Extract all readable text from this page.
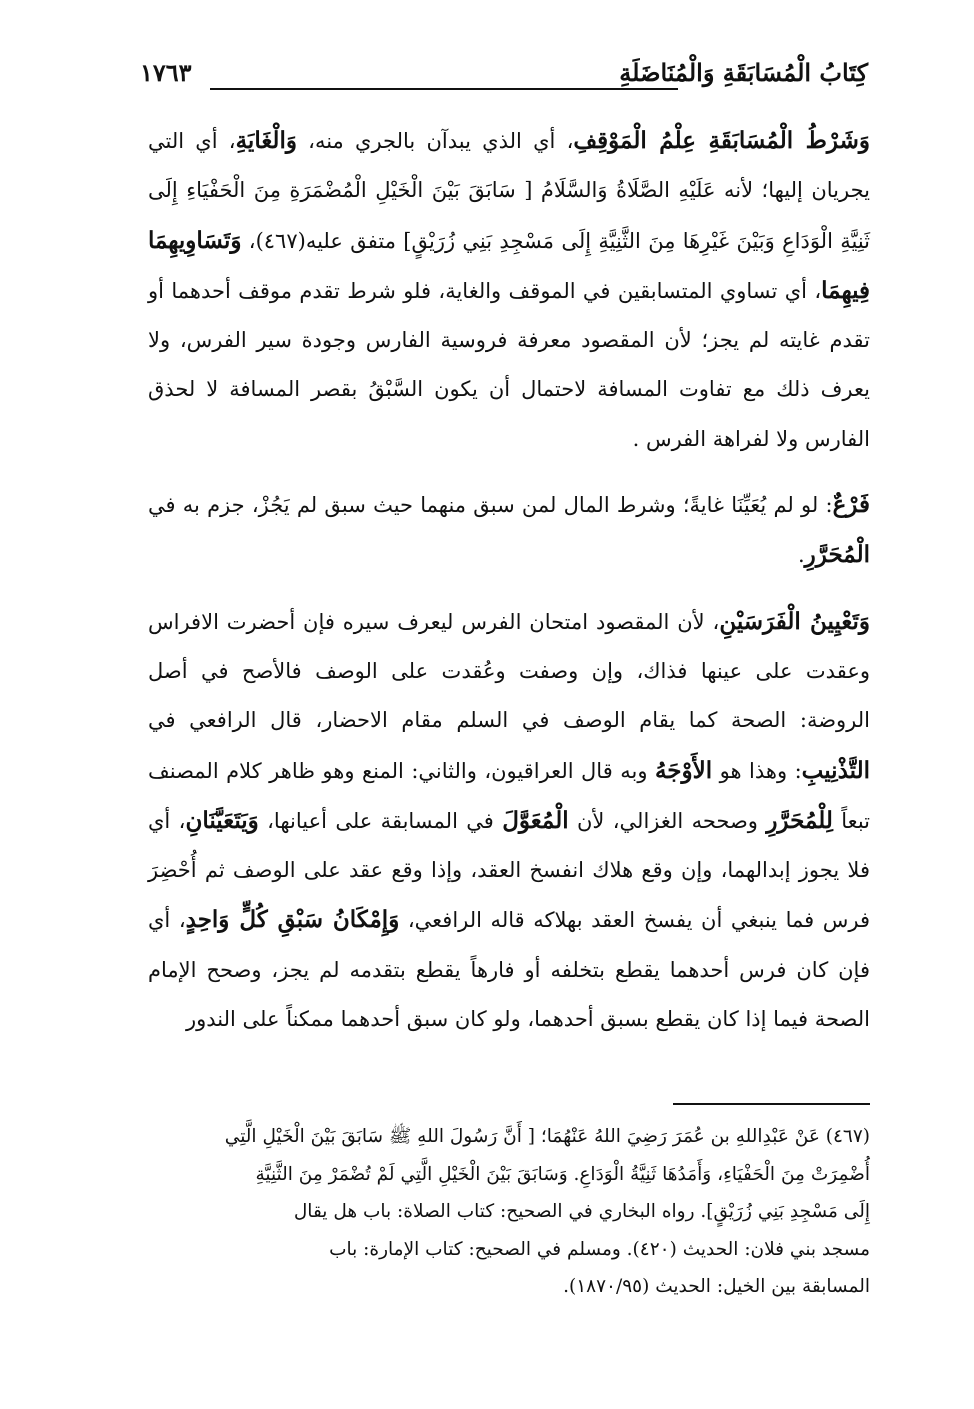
كِتَابُ الْمُسَابَقَةِ وَالْمُنَاضَلَةِ
١٧٦٣

وَشَرْطُ الْمُسَابَقَةِ عِلْمُ الْمَوْقِفِ، أي الذي يبدآن بالجري منه، وَالْغَايَةِ، أي التي يجريان إليها؛ لأنه عَلَيْهِ الصَّلَاةُ وَالسَّلَامُ [ سَابَقَ بَيْنَ الْخَيْلِ الْمُضْمَرَةِ مِنَ الْحَفْيَاءِ إِلَى ثَنِيَّةِ الْوَدَاعِ وَبَيْنَ غَيْرِهَا مِنَ الثَّنِيَّةِ إِلَى مَسْجِدِ بَنِي زُرَيْقٍ] متفق عليه(٤٦٧)، وَتَسَاوِيهِمَا فِيهِمَا، أي تساوي المتسابقين في الموقف والغاية، فلو شرط تقدم موقف أحدهما أو تقدم غايته لم يجز؛ لأن المقصود معرفة فروسية الفارس وجودة سير الفرس، ولا يعرف ذلك مع تفاوت المسافة لاحتمال أن يكون السَّبْقُ بقصر المسافة لا لحذق الفارس ولا لفراهة الفرس .

فَرْعٌ: لو لم يُعَيِّنَا غايةً؛ وشرط المال لمن سبق منهما حيث سبق لم يَجُزْ، جزم به في الْمُحَرَّرِ.

وَتَعْيِينُ الْفَرَسَيْنِ، لأن المقصود امتحان الفرس ليعرف سيره فإن أحضرت الافراس وعقدت على عينها فذاك، وإن وصفت وعُقدت على الوصف فالأصح في أصل الروضة: الصحة كما يقام الوصف في السلم مقام الاحضار، قال الرافعي في التَّذْنِيبِ: وهذا هو الأَوْجَهُ وبه قال العراقيون، والثاني: المنع وهو ظاهر كلام المصنف تبعاً لِلْمُحَرَّرِ وصححه الغزالي، لأن الْمُعَوَّلَ في المسابقة على أعيانها، وَيَتَعَيَّنَانِ، أي فلا يجوز إبدالهما، وإن وقع هلاك انفسخ العقد، وإذا وقع عقد على الوصف ثم أُحْضِرَ فرس فما ينبغي أن يفسخ العقد بهلاكه قاله الرافعي، وَإِمْكَانُ سَبْقِ كُلٍّ وَاحِدٍ، أي فإن كان فرس أحدهما يقطع بتخلفه أو فارهاً يقطع بتقدمه لم يجز، وصحح الإمام الصحة فيما إذا كان يقطع بسبق أحدهما، ولو كان سبق أحدهما ممكناً على الندور

(٤٦٧) عَنْ عَبْدِاللهِ بن عُمَرَ رَضِيَ اللهُ عَنْهُمَا؛ [ أَنَّ رَسُولَ اللهِ ﷺ سَابَقَ بَيْنَ الْخَيْلِ الَّتِي
أُضْمِرَتْ مِنَ الْحَفْيَاءِ، وَأَمَدُهَا ثَنِيَّةُ الْوَدَاعِ. وَسَابَقَ بَيْنَ الْخَيْلِ الَّتِي لَمْ تُضْمَرْ مِنَ الثَّنِيَّةِ
إِلَى مَسْجِدِ بَنِي زُرَيْقٍ]. رواه البخاري في الصحيح: كتاب الصلاة: باب هل يقال
مسجد بني فلان: الحديث (٤٢٠). ومسلم في الصحيح: كتاب الإمارة: باب
المسابقة بين الخيل: الحديث (١٨٧٠/٩٥).
